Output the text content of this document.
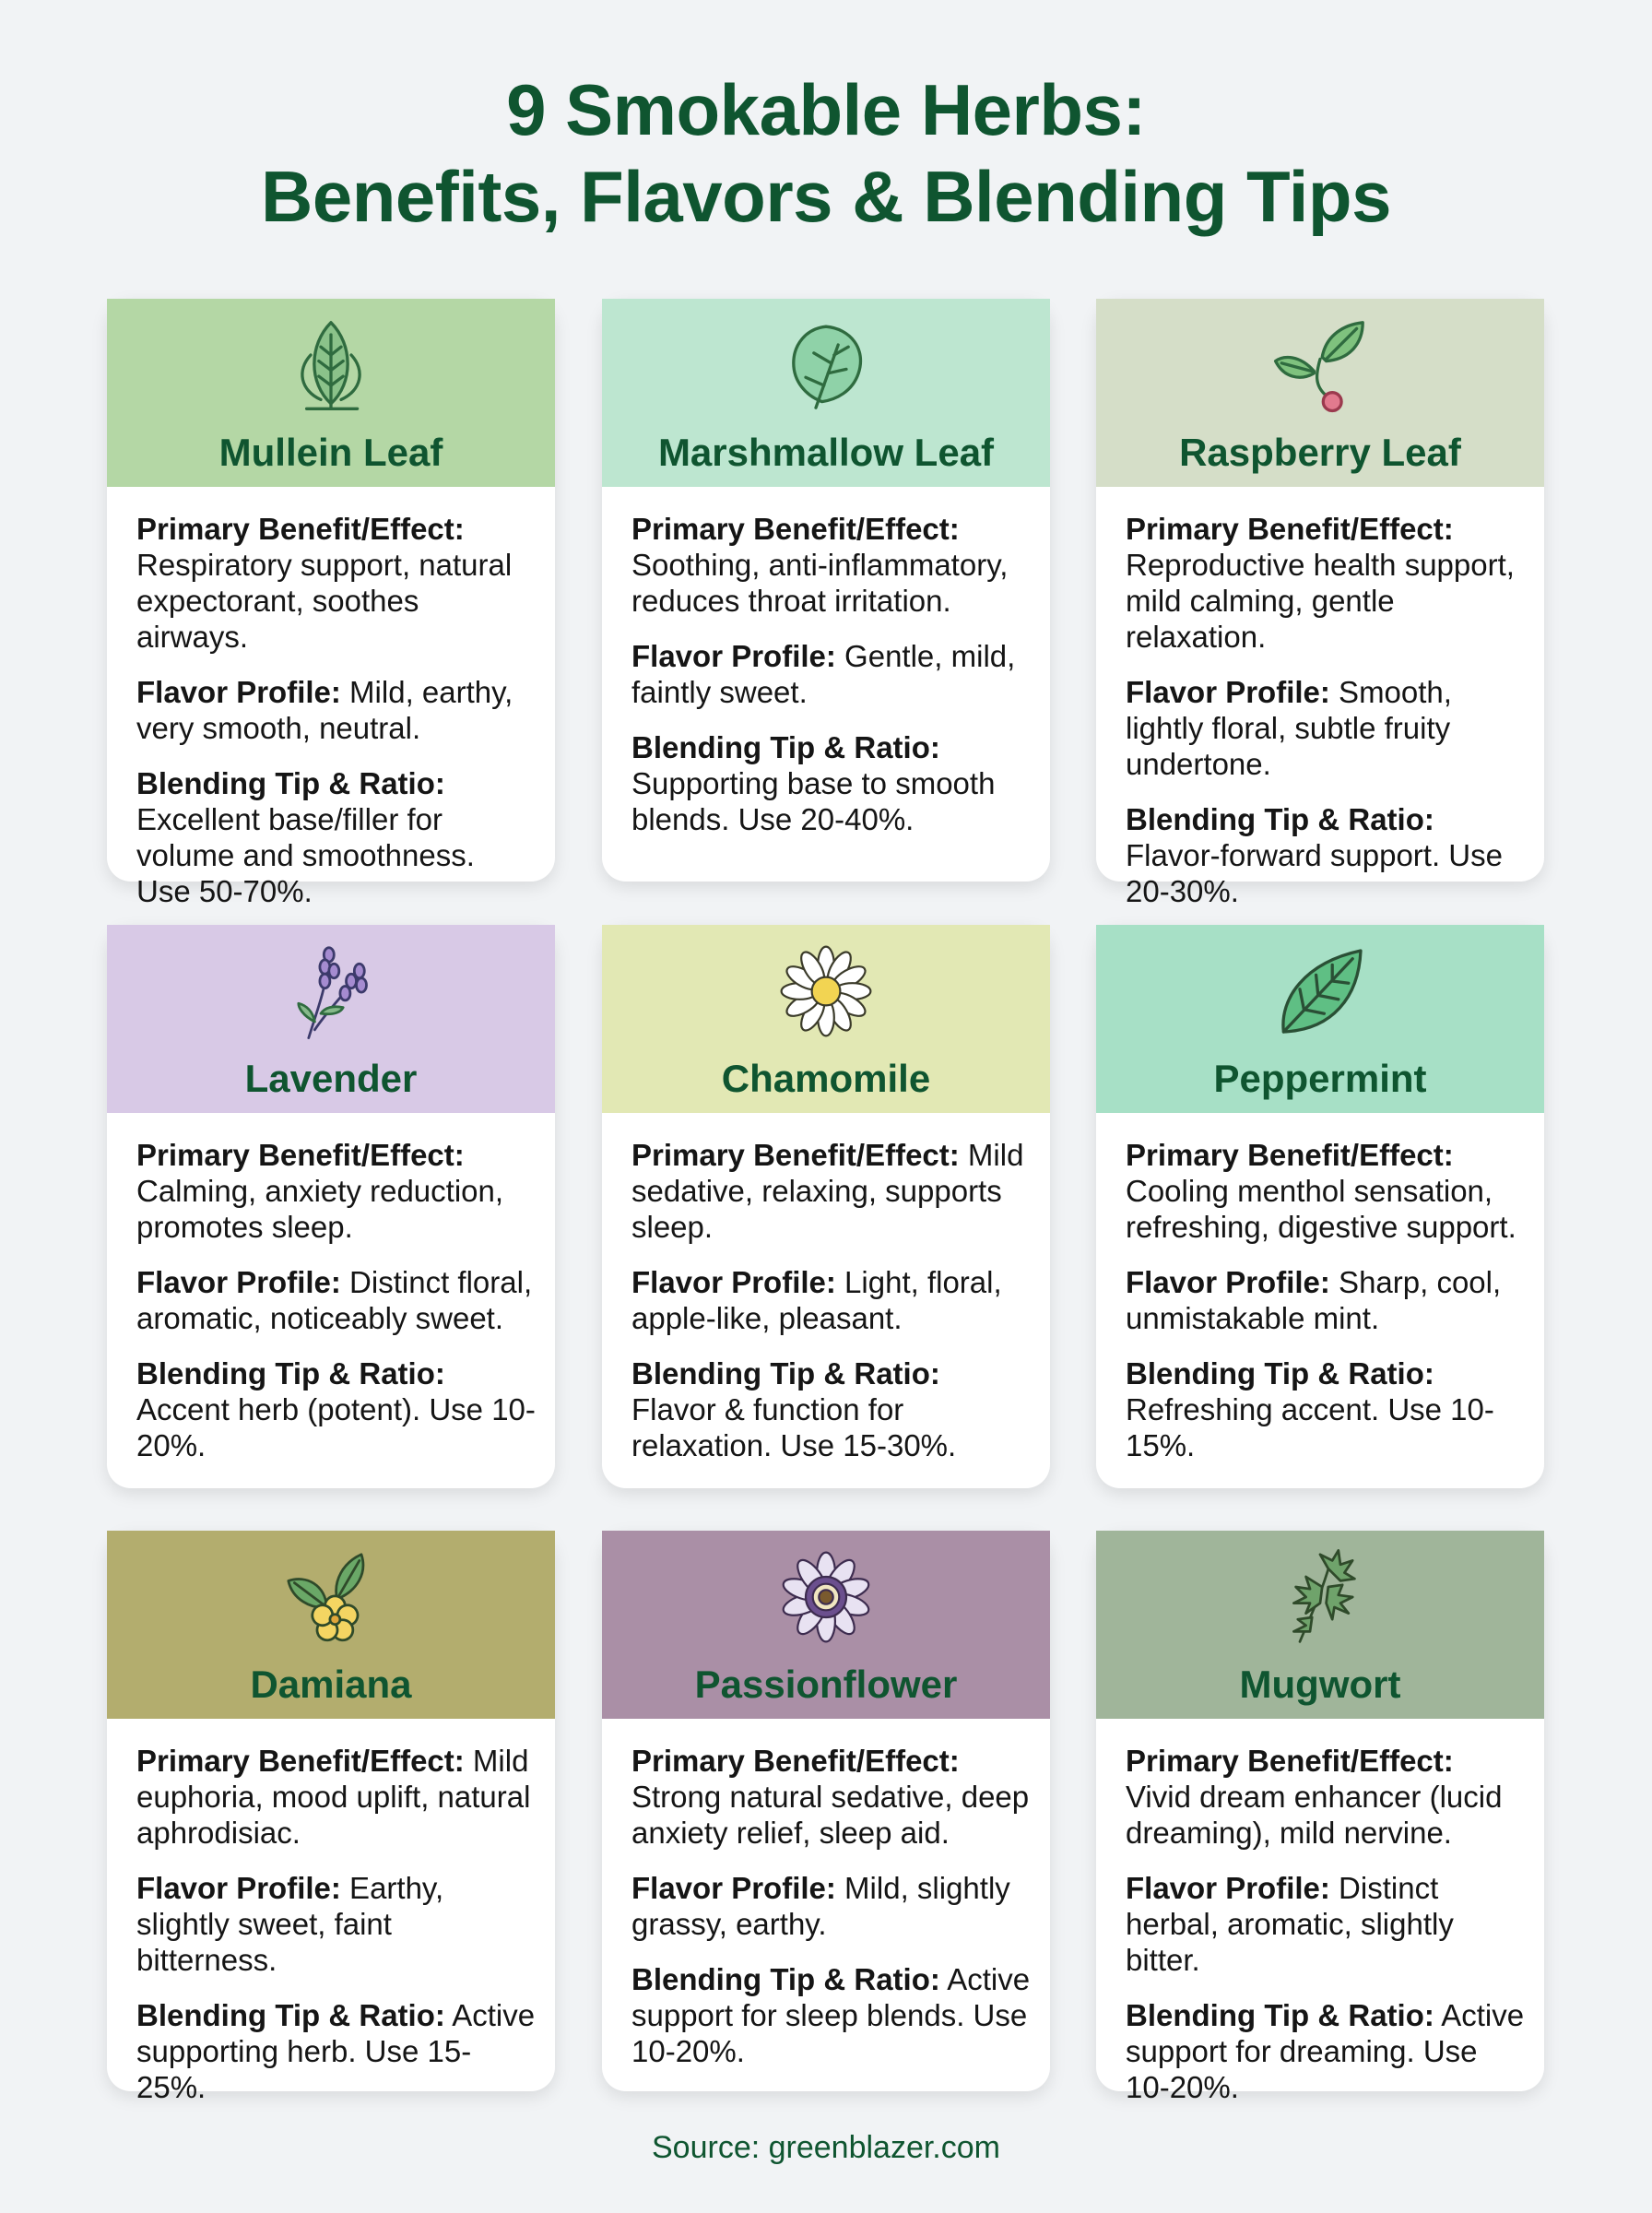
9 Smokable Herbs:
Benefits, Flavors & Blending Tips
Mullein Leaf
Primary Benefit/Effect: Respiratory support, natural expectorant, soothes airways.
Flavor Profile: Mild, earthy, very smooth, neutral.
Blending Tip & Ratio: Excellent base/filler for volume and smoothness. Use 50-70%.
Marshmallow Leaf
Primary Benefit/Effect: Soothing, anti-inflammatory, reduces throat irritation.
Flavor Profile: Gentle, mild, faintly sweet.
Blending Tip & Ratio: Supporting base to smooth blends. Use 20-40%.
Raspberry Leaf
Primary Benefit/Effect: Reproductive health support, mild calming, gentle relaxation.
Flavor Profile: Smooth, lightly floral, subtle fruity undertone.
Blending Tip & Ratio: Flavor-forward support. Use 20-30%.
Lavender
Primary Benefit/Effect: Calming, anxiety reduction, promotes sleep.
Flavor Profile: Distinct floral, aromatic, noticeably sweet.
Blending Tip & Ratio: Accent herb (potent). Use 10-20%.
Chamomile
Primary Benefit/Effect: Mild sedative, relaxing, supports sleep.
Flavor Profile: Light, floral, apple-like, pleasant.
Blending Tip & Ratio: Flavor & function for relaxation. Use 15-30%.
Peppermint
Primary Benefit/Effect: Cooling menthol sensation, refreshing, digestive support.
Flavor Profile: Sharp, cool, unmistakable mint.
Blending Tip & Ratio: Refreshing accent. Use 10-15%.
Damiana
Primary Benefit/Effect: Mild euphoria, mood uplift, natural aphrodisiac.
Flavor Profile: Earthy, slightly sweet, faint bitterness.
Blending Tip & Ratio: Active supporting herb. Use 15-25%.
Passionflower
Primary Benefit/Effect: Strong natural sedative, deep anxiety relief, sleep aid.
Flavor Profile: Mild, slightly grassy, earthy.
Blending Tip & Ratio: Active support for sleep blends. Use 10-20%.
Mugwort
Primary Benefit/Effect: Vivid dream enhancer (lucid dreaming), mild nervine.
Flavor Profile: Distinct herbal, aromatic, slightly bitter.
Blending Tip & Ratio: Active support for dreaming. Use 10-20%.
Source: greenblazer.com
